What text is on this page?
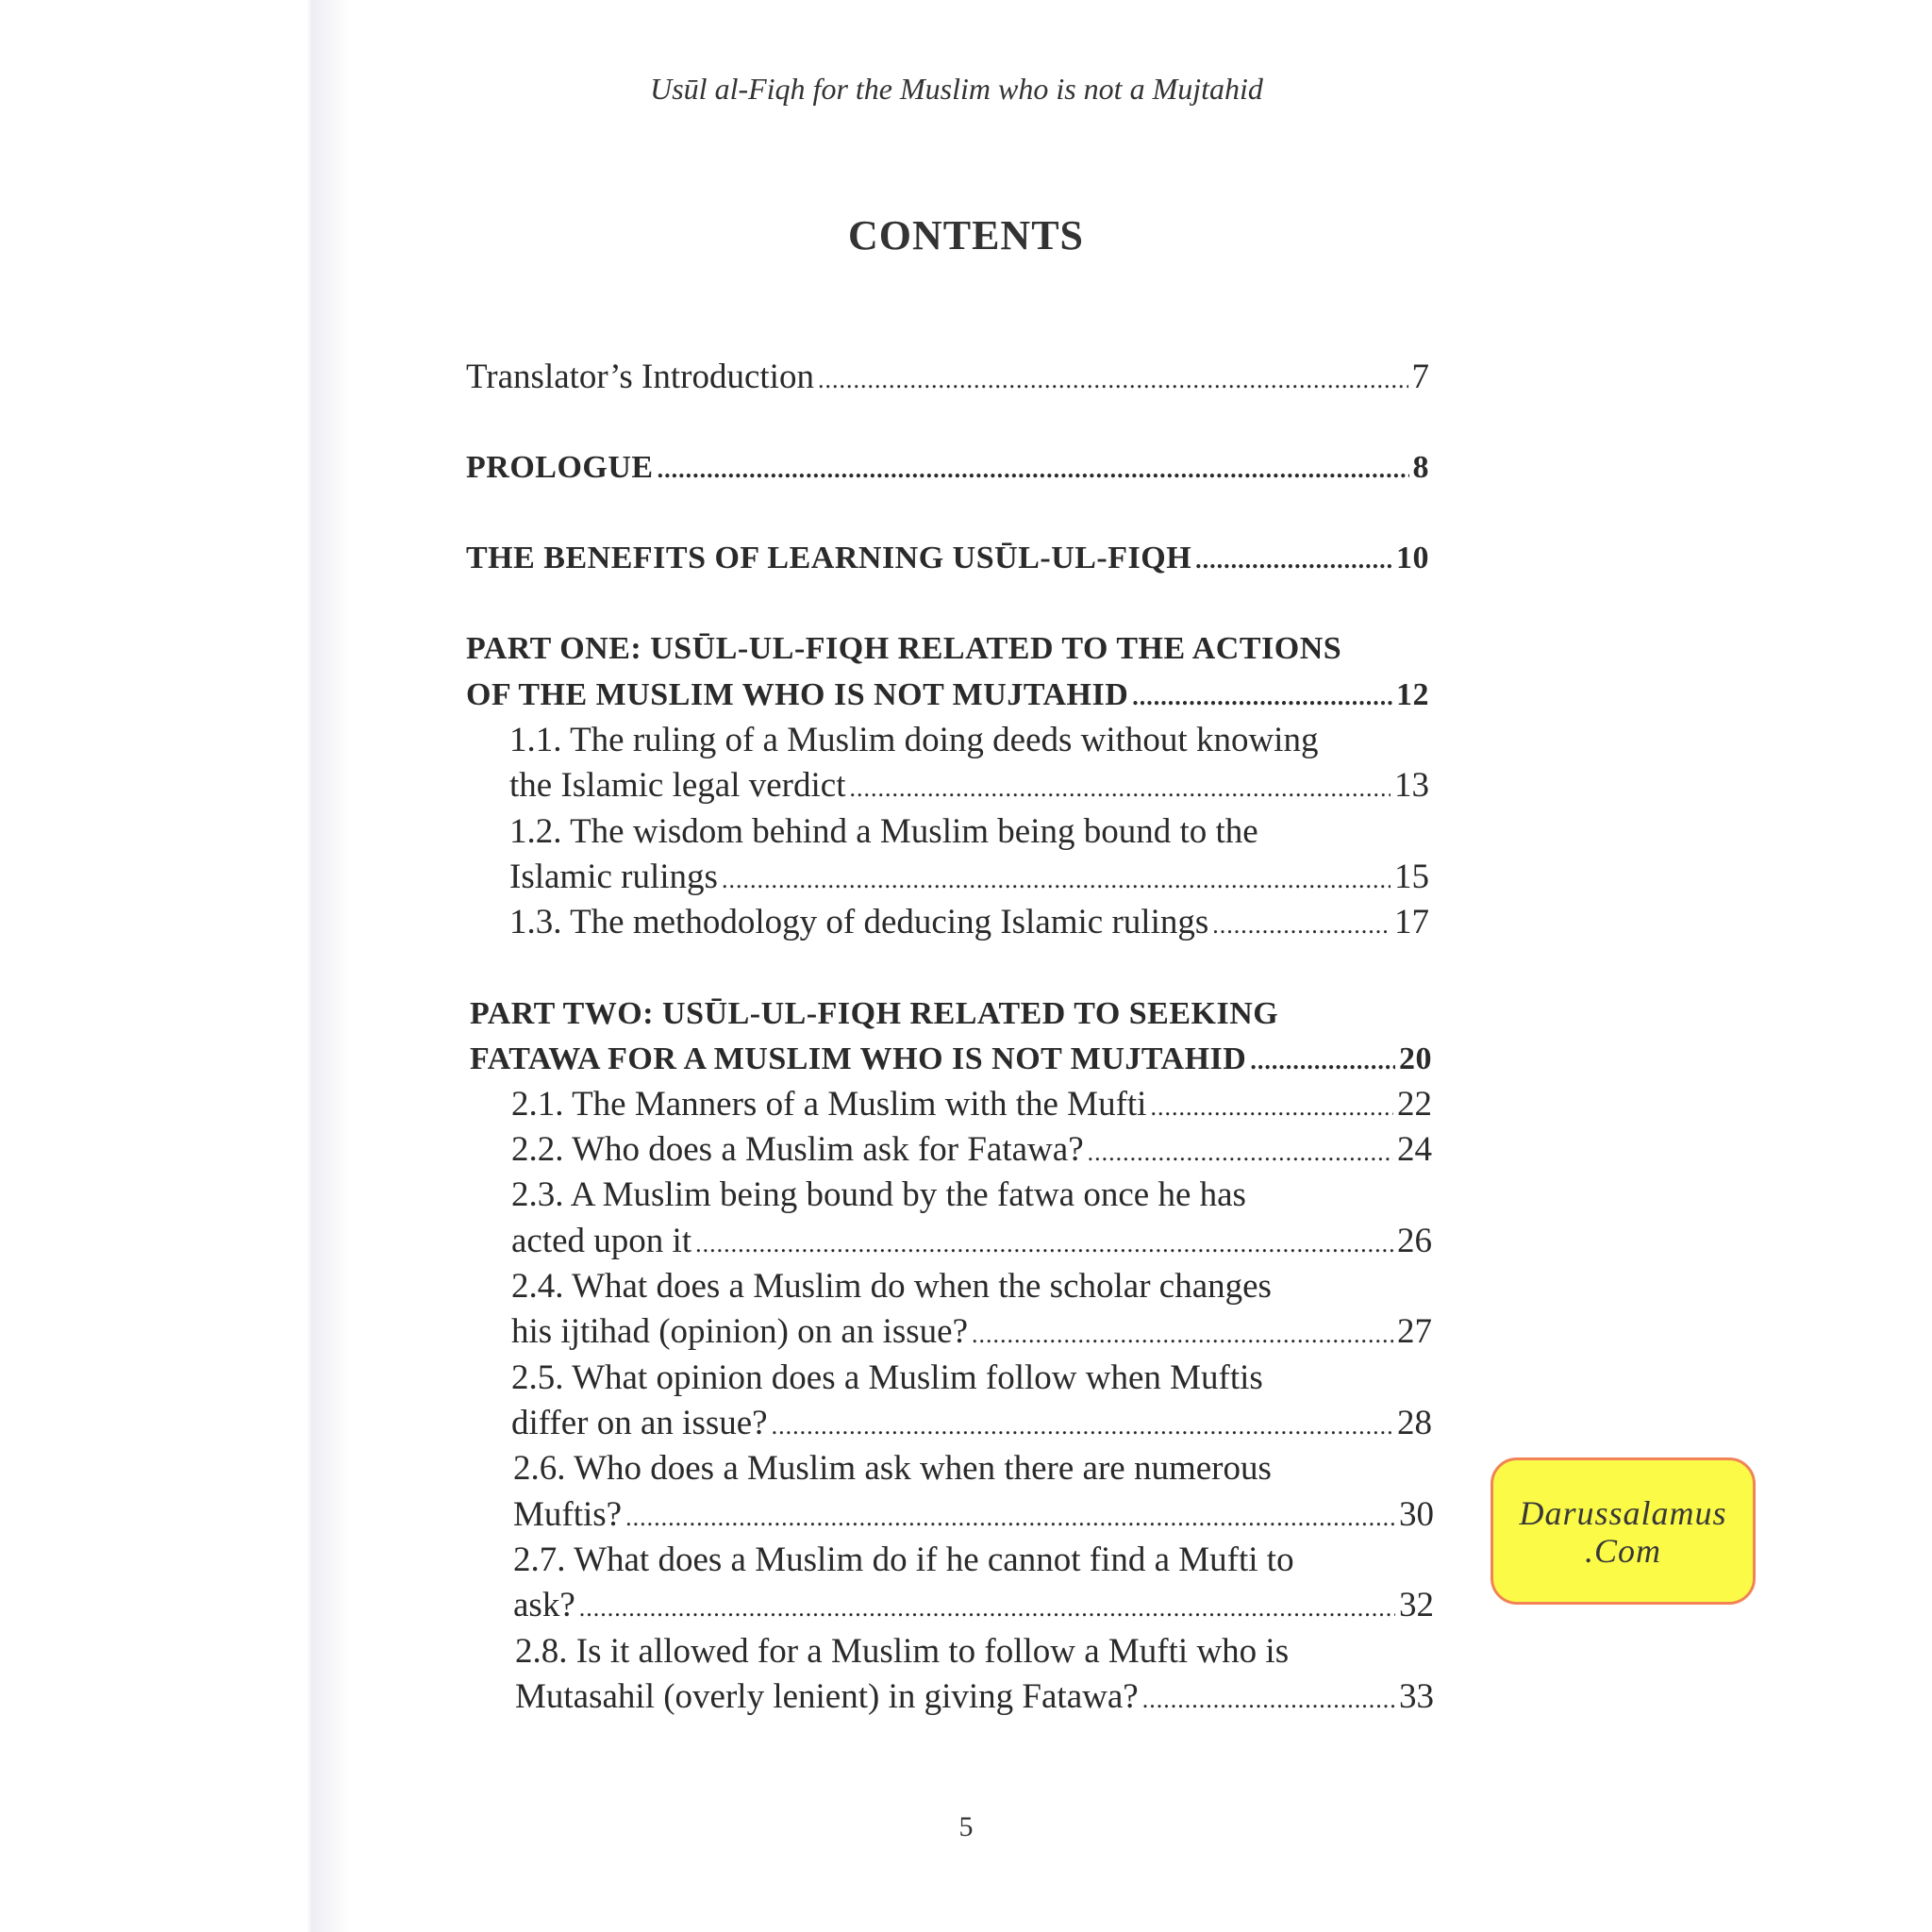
Usūl al-Fiqh for the Muslim who is not a Mujtahid
CONTENTS
Translator’s Introduction .....	7
PROLOGUE .....	8
THE BENEFITS OF LEARNING USŪL-UL-FIQH .....	10
PART ONE: USŪL-UL-FIQH RELATED TO THE ACTIONS
OF THE MUSLIM WHO IS NOT MUJTAHID .....	12
1.1. The ruling of a Muslim doing deeds without knowing
the Islamic legal verdict .....	13
1.2. The wisdom behind a Muslim being bound to the
Islamic rulings .....	15
1.3. The methodology of deducing Islamic rulings .....	17
PART TWO: USŪL-UL-FIQH RELATED TO SEEKING
FATAWA FOR A MUSLIM WHO IS NOT MUJTAHID .....	20
2.1. The Manners of a Muslim with the Mufti .....	22
2.2. Who does a Muslim ask for Fatawa? .....	24
2.3. A Muslim being bound by the fatwa once he has
acted upon it .....	26
2.4. What does a Muslim do when the scholar changes
his ijtihad (opinion) on an issue? .....	27
2.5. What opinion does a Muslim follow when Muftis
differ on an issue? .....	28
2.6. Who does a Muslim ask when there are numerous
Muftis? .....	30
2.7. What does a Muslim do if he cannot find a Mufti to
ask? .....	32
2.8. Is it allowed for a Muslim to follow a Mufti who is
Mutasahil (overly lenient) in giving Fatawa? .....	33
5
Darussalamus
.Com
